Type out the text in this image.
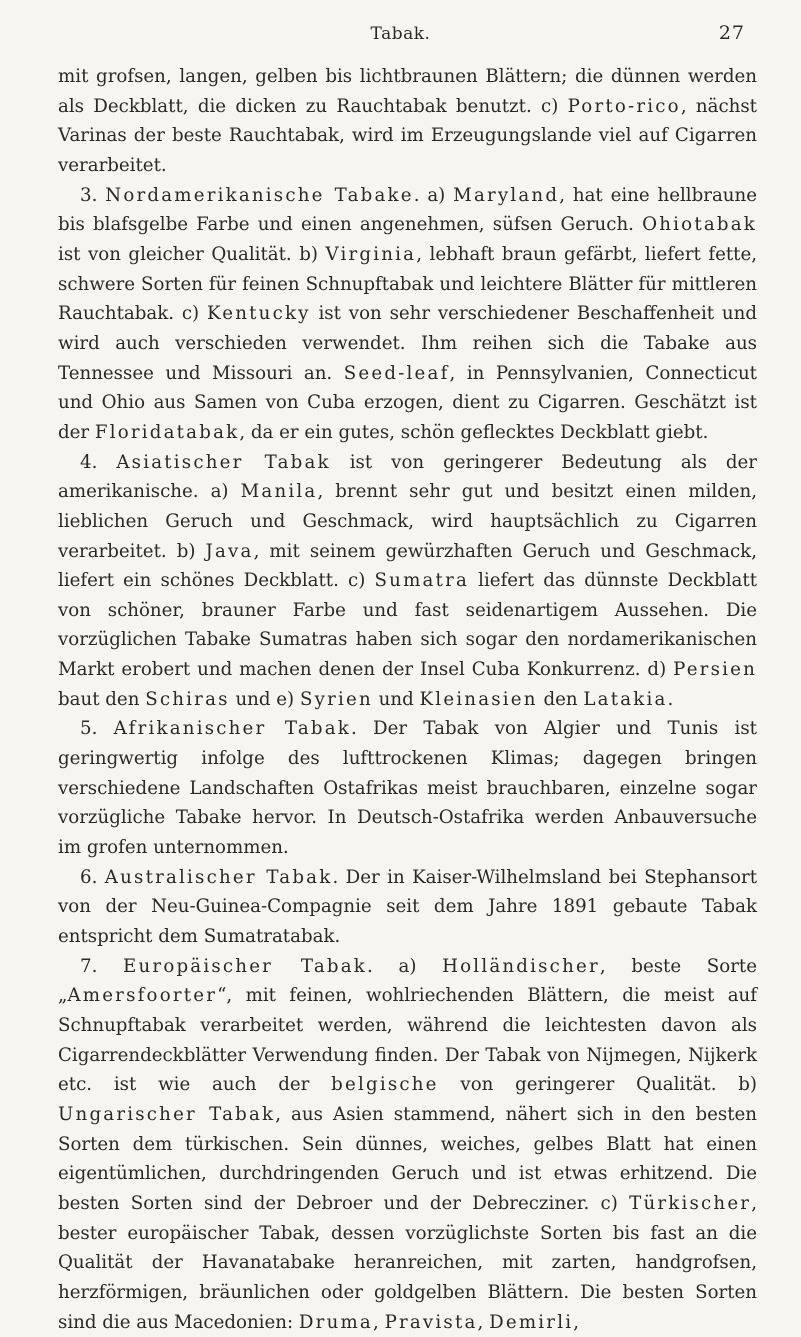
Tabak.	27

mit grofsen, langen, gelben bis lichtbraunen Blättern; die dünnen werden als Deckblatt, die dicken zu Rauchtabak benutzt. c) Porto-rico, nächst Varinas der beste Rauchtabak, wird im Erzeugungslande viel auf Cigarren verarbeitet.

3. Nordamerikanische Tabake. a) Maryland, hat eine hellbraune bis blafsgelbe Farbe und einen angenehmen, süfsen Geruch. Ohiotabak ist von gleicher Qualität. b) Virginia, lebhaft braun gefärbt, liefert fette, schwere Sorten für feinen Schnupftabak und leichtere Blätter für mittleren Rauchtabak. c) Kentucky ist von sehr verschiedener Beschaffenheit und wird auch verschieden verwendet. Ihm reihen sich die Tabake aus Tennessee und Missouri an. Seed-leaf, in Pennsylvanien, Connecticut und Ohio aus Samen von Cuba erzogen, dient zu Cigarren. Geschätzt ist der Floridatabak, da er ein gutes, schön geflecktes Deckblatt giebt.

4. Asiatischer Tabak ist von geringerer Bedeutung als der amerikanische. a) Manila, brennt sehr gut und besitzt einen milden, lieblichen Geruch und Geschmack, wird hauptsächlich zu Cigarren verarbeitet. b) Java, mit seinem gewürzhaften Geruch und Geschmack, liefert ein schönes Deckblatt. c) Sumatra liefert das dünnste Deckblatt von schöner, brauner Farbe und fast seidenartigem Aussehen. Die vorzüglichen Tabake Sumatras haben sich sogar den nordamerikanischen Markt erobert und machen denen der Insel Cuba Konkurrenz. d) Persien baut den Schiras und e) Syrien und Kleinasien den Latakia.

5. Afrikanischer Tabak. Der Tabak von Algier und Tunis ist geringwertig infolge des lufttrockenen Klimas; dagegen bringen verschiedene Landschaften Ostafrikas meist brauchbaren, einzelne sogar vorzügliche Tabake hervor. In Deutsch-Ostafrika werden Anbauversuche im grofen unternommen.

6. Australischer Tabak. Der in Kaiser-Wilhelmsland bei Stephansort von der Neu-Guinea-Compagnie seit dem Jahre 1891 gebaute Tabak entspricht dem Sumatratabak.

7. Europäischer Tabak. a) Holländischer, beste Sorte „Amersfoorter“, mit feinen, wohlriechenden Blättern, die meist auf Schnupftabak verarbeitet werden, während die leichtesten davon als Cigarrendeckblätter Verwendung finden. Der Tabak von Nijmegen, Nijkerk etc. ist wie auch der belgische von geringerer Qualität. b) Ungarischer Tabak, aus Asien stammend, nähert sich in den besten Sorten dem türkischen. Sein dünnes, weiches, gelbes Blatt hat einen eigentümlichen, durchdringenden Geruch und ist etwas erhitzend. Die besten Sorten sind der Debroer und der Debrecziner. c) Türkischer, bester europäischer Tabak, dessen vorzüglichste Sorten bis fast an die Qualität der Havanatabake heranreichen, mit zarten, handgrofsen, herzförmigen, bräunlichen oder goldgelben Blättern. Die besten Sorten sind die aus Macedonien: Druma, Pravista, Demirli,
